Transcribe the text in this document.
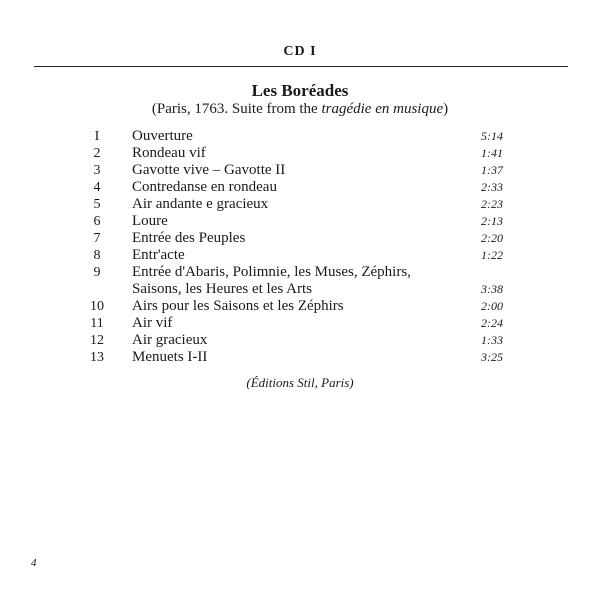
CD I
Les Boréades
(Paris, 1763. Suite from the tragédie en musique)
I	Ouverture	5:14
2	Rondeau vif	1:41
3	Gavotte vive – Gavotte II	1:37
4	Contredanse en rondeau	2:33
5	Air andante e gracieux	2:23
6	Loure	2:13
7	Entrée des Peuples	2:20
8	Entr'acte	1:22
9	Entrée d'Abaris, Polimnie, les Muses, Zéphirs, Saisons, les Heures et les Arts	3:38
10 Airs pour les Saisons et les Zéphirs	2:00
11 Air vif	2:24
12 Air gracieux	1:33
13 Menuets I-II	3:25
(Éditions Stil, Paris)
4
